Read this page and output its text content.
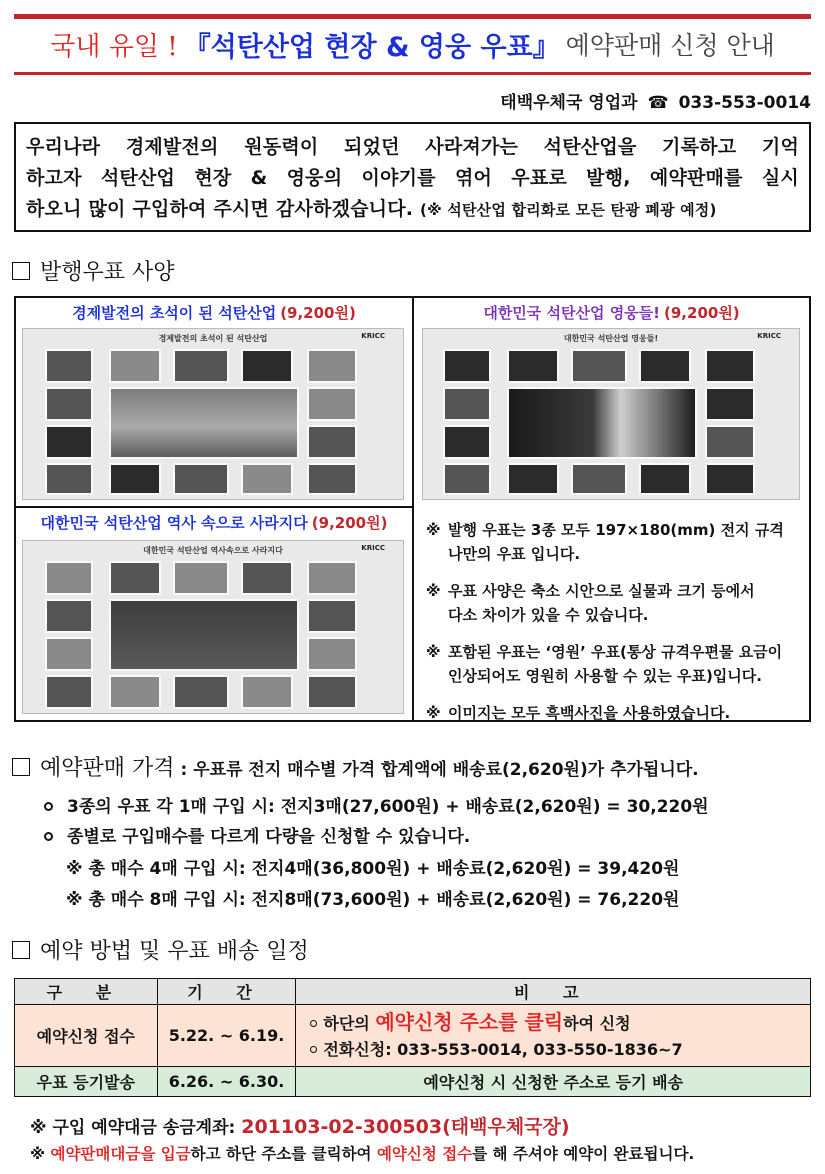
국내 유일 ! 『석탄산업 현장 & 영웅 우표』 예약판매 신청 안내
태백우체국 영업과 ☎ 033-553-0014
우리나라 경제발전의 원동력이 되었던 사라져가는 석탄산업을 기록하고 기억
하고자 석탄산업 현장 & 영웅의 이야기를 엮어 우표로 발행, 예약판매를 실시
하오니 많이 구입하여 주시면 감사하겠습니다. (※ 석탄산업 합리화로 모든 탄광 폐광 예정)
발행우표 사양
경제발전의 초석이 된 석탄산업 (9,200원)
경제발전의 초석이 된 석탄산업	KRICC
대한민국 석탄산업 영웅들! (9,200원)
대한민국 석탄산업 영웅들!	KRICC
대한민국 석탄산업 역사 속으로 사라지다 (9,200원)
대한민국 석탄산업 역사속으로 사라지다	KRICC
※ 발행 우표는 3종 모두 197×180(mm) 전지 규격
나만의 우표 입니다.
※ 우표 사양은 축소 시안으로 실물과 크기 등에서
다소 차이가 있을 수 있습니다.
※ 포함된 우표는 ‘영원’ 우표(통상 규격우편물 요금이
인상되어도 영원히 사용할 수 있는 우표)입니다.
※ 이미지는 모두 흑백사진을 사용하였습니다.
예약판매 가격 : 우표류 전지 매수별 가격 합계액에 배송료(2,620원)가 추가됩니다.
3종의 우표 각 1매 구입 시: 전지3매(27,600원) + 배송료(2,620원) = 30,220원
종별로 구입매수를 다르게 다량을 신청할 수 있습니다.
※ 총 매수 4매 구입 시: 전지4매(36,800원) + 배송료(2,620원) = 39,420원
※ 총 매수 8매 구입 시: 전지8매(73,600원) + 배송료(2,620원) = 76,220원
예약 방법 및 우표 배송 일정
구 분	기 간	비 고
예약신청 접수	5.22. ~ 6.19.	하단의 예약신청 주소를 클릭하여 신청
전화신청: 033-553-0014, 033-550-1836~7

우표 등기발송	6.26. ~ 6.30.	예약신청 시 신청한 주소로 등기 배송
※ 구입 예약대금 송금계좌: 201103-02-300503(태백우체국장)
※ 예약판매대금을 입금하고 하단 주소를 클릭하여 예약신청 접수를 해 주셔야 예약이 완료됩니다.
